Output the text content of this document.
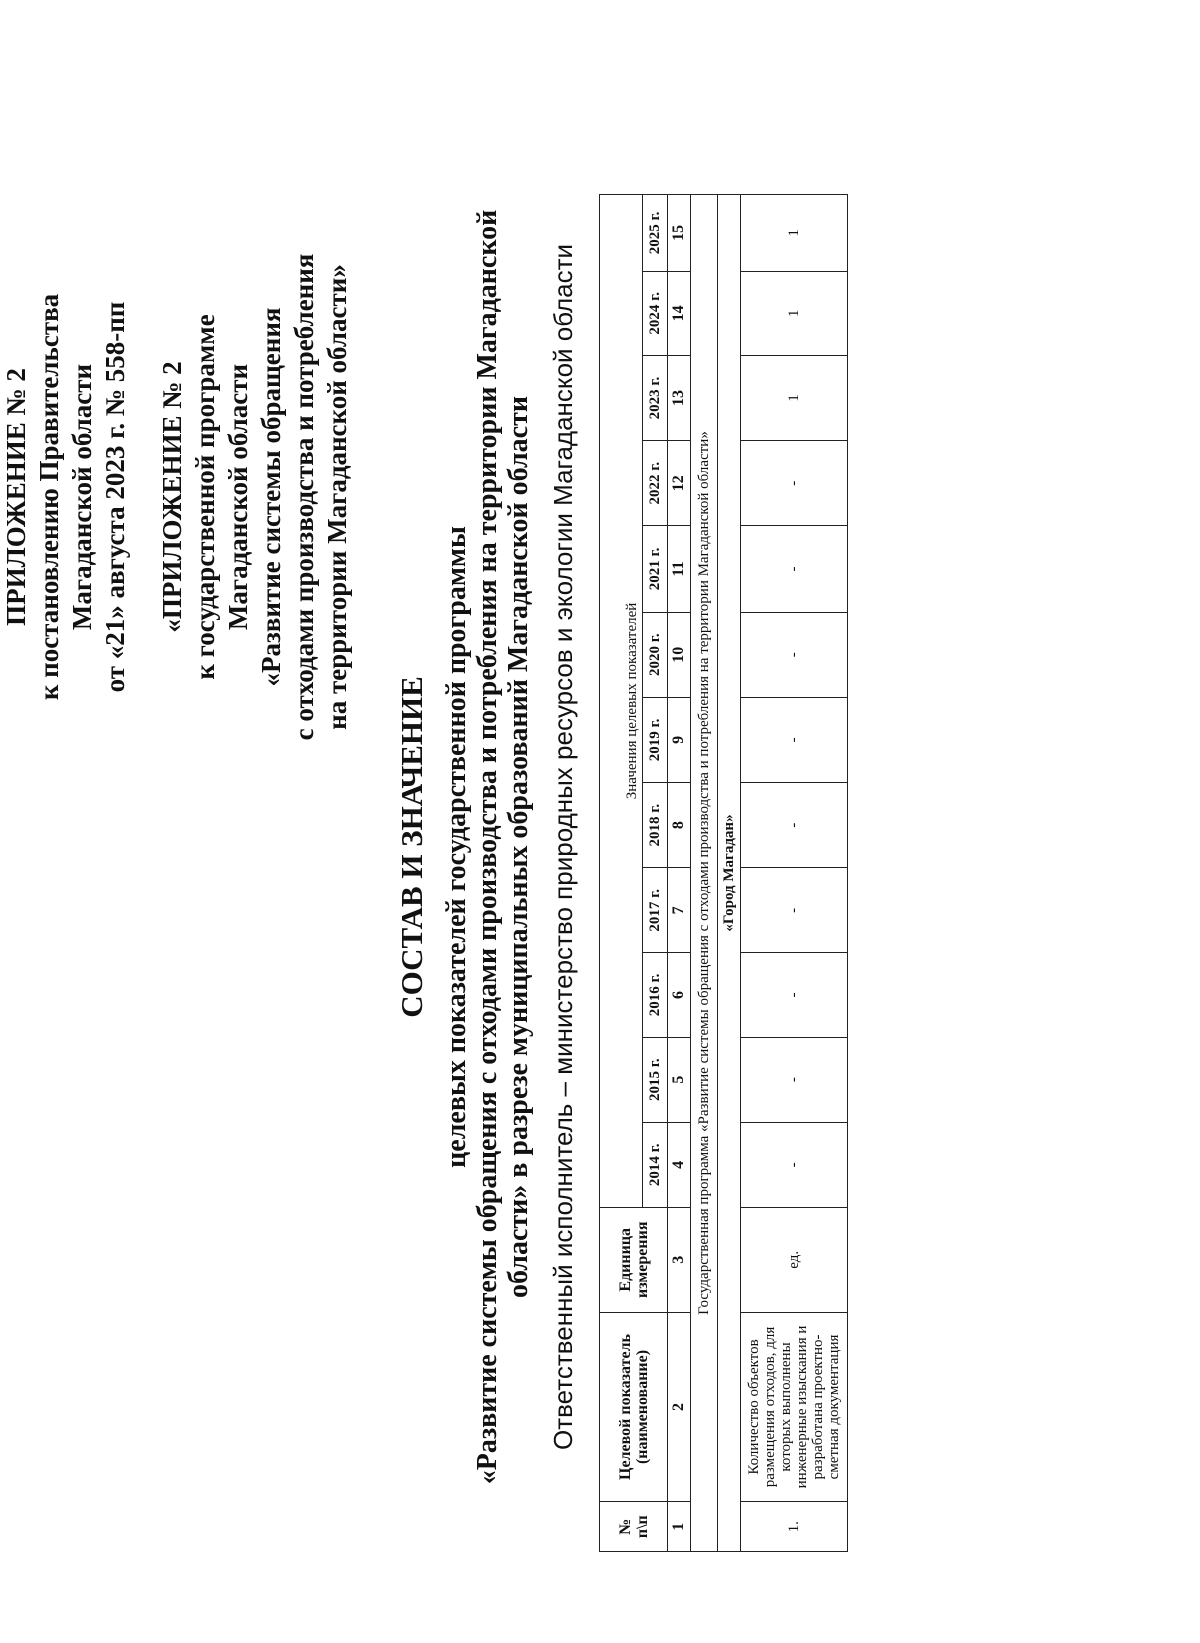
ПРИЛОЖЕНИЕ № 2 к постановлению Правительства Магаданской области от «21» августа 2023 г. № 558-пп «ПРИЛОЖЕНИЕ № 2 к государственной программе Магаданской области «Развитие системы обращения с отходами производства и потребления на территории Магаданской области»
СОСТАВ И ЗНАЧЕНИЕ целевых показателей государственной программы «Развитие системы обращения с отходами производства и потребления на территории Магаданской области» в разрезе муниципальных образований Магаданской области Ответственный исполнитель – министерство природных ресурсов и экологии Магаданской области
№ п\п	Целевой показатель (наименование)	Единица измерения	Значения целевых показателей											
			2014 г.	2015 г.	2016 г.	2017 г.	2018 г.	2019 г.	2020 г.	2021 г.	2022 г.	2023 г.	2024 г.	2025 г.
1	2	3	4	5	6	7	8	9	10	11	12	13	14	15
Государственная программа «Развитие системы обращения с отходами производства и потребления на территории Магаданской области»														
«Город Магадан»														
1.	Количество объектов размещения отходов, для которых выполнены инженерные изыскания и разработана проектно-сметная документация	ед.	-	-	-	-	-	-	-	-	-	1	1	1
